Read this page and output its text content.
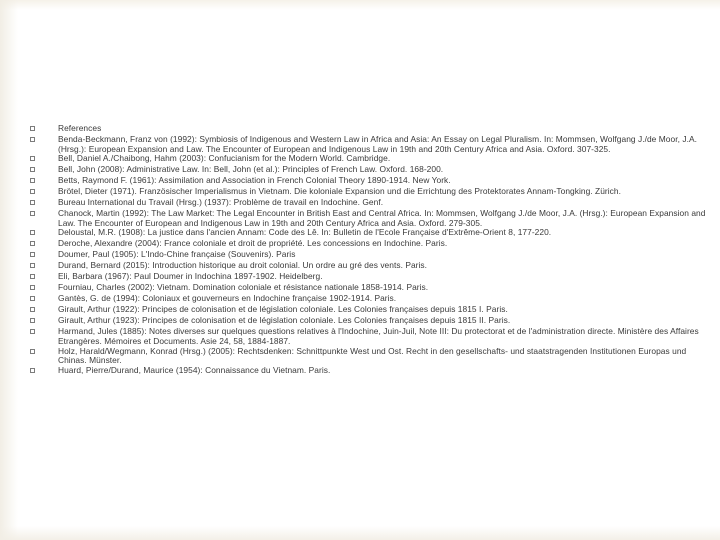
References
Benda-Beckmann, Franz von (1992): Symbiosis of Indigenous and Western Law in Africa and Asia: An Essay on Legal Pluralism. In: Mommsen, Wolfgang J./de Moor, J.A. (Hrsg.): European Expansion and Law. The Encounter of European and Indigenous Law in 19th and 20th Century Africa and Asia. Oxford. 307-325.
Bell, Daniel A./Chaibong, Hahm (2003): Confucianism for the Modern World. Cambridge.
Bell, John (2008): Administrative Law. In: Bell, John (et al.): Principles of French Law. Oxford. 168-200.
Betts, Raymond F. (1961): Assimilation and Association in French Colonial Theory 1890-1914. New York.
Brötel, Dieter (1971). Französischer Imperialismus in Vietnam. Die koloniale Expansion und die Errichtung des Protektorates Annam-Tongking. Zürich.
Bureau International du Travail (Hrsg.) (1937): Problème de travail en Indochine. Genf.
Chanock, Martin (1992): The Law Market: The Legal Encounter in British East and Central Africa. In: Mommsen, Wolfgang J./de Moor, J.A. (Hrsg.): European Expansion and Law. The Encounter of European and Indigenous Law in 19th and 20th Century Africa and Asia. Oxford. 279-305.
Deloustal, M.R. (1908): La justice dans l'ancien Annam: Code des Lê. In: Bulletin de l'Ecole Française d'Extrême-Orient 8, 177-220.
Deroche, Alexandre (2004): France coloniale et droit de propriété. Les concessions en Indochine. Paris.
Doumer, Paul (1905): L'Indo-Chine française (Souvenirs). Paris
Durand, Bernard (2015): Introduction historique au droit colonial. Un ordre au gré des vents. Paris.
Eli, Barbara (1967): Paul Doumer in Indochina 1897-1902. Heidelberg.
Fourniau, Charles (2002): Vietnam. Domination coloniale et résistance nationale 1858-1914. Paris.
Gantès, G. de (1994): Coloniaux et gouverneurs en Indochine française 1902-1914. Paris.
Girault, Arthur (1922): Principes de colonisation et de législation coloniale. Les Colonies françaises depuis 1815 I. Paris.
Girault, Arthur (1923): Principes de colonisation et de législation coloniale. Les Colonies françaises depuis 1815 II. Paris.
Harmand, Jules (1885): Notes diverses sur quelques questions relatives à l'Indochine, Juin-Juil, Note III: Du protectorat et de l'administration directe. Ministère des Affaires Etrangères. Mémoires et Documents. Asie 24, 58, 1884-1887.
Holz, Harald/Wegmann, Konrad (Hrsg.) (2005): Rechtsdenken: Schnittpunkte West und Ost. Recht in den gesellschafts- und staatstragenden Institutionen Europas und Chinas. Münster.
Huard, Pierre/Durand, Maurice (1954): Connaissance du Vietnam. Paris.
